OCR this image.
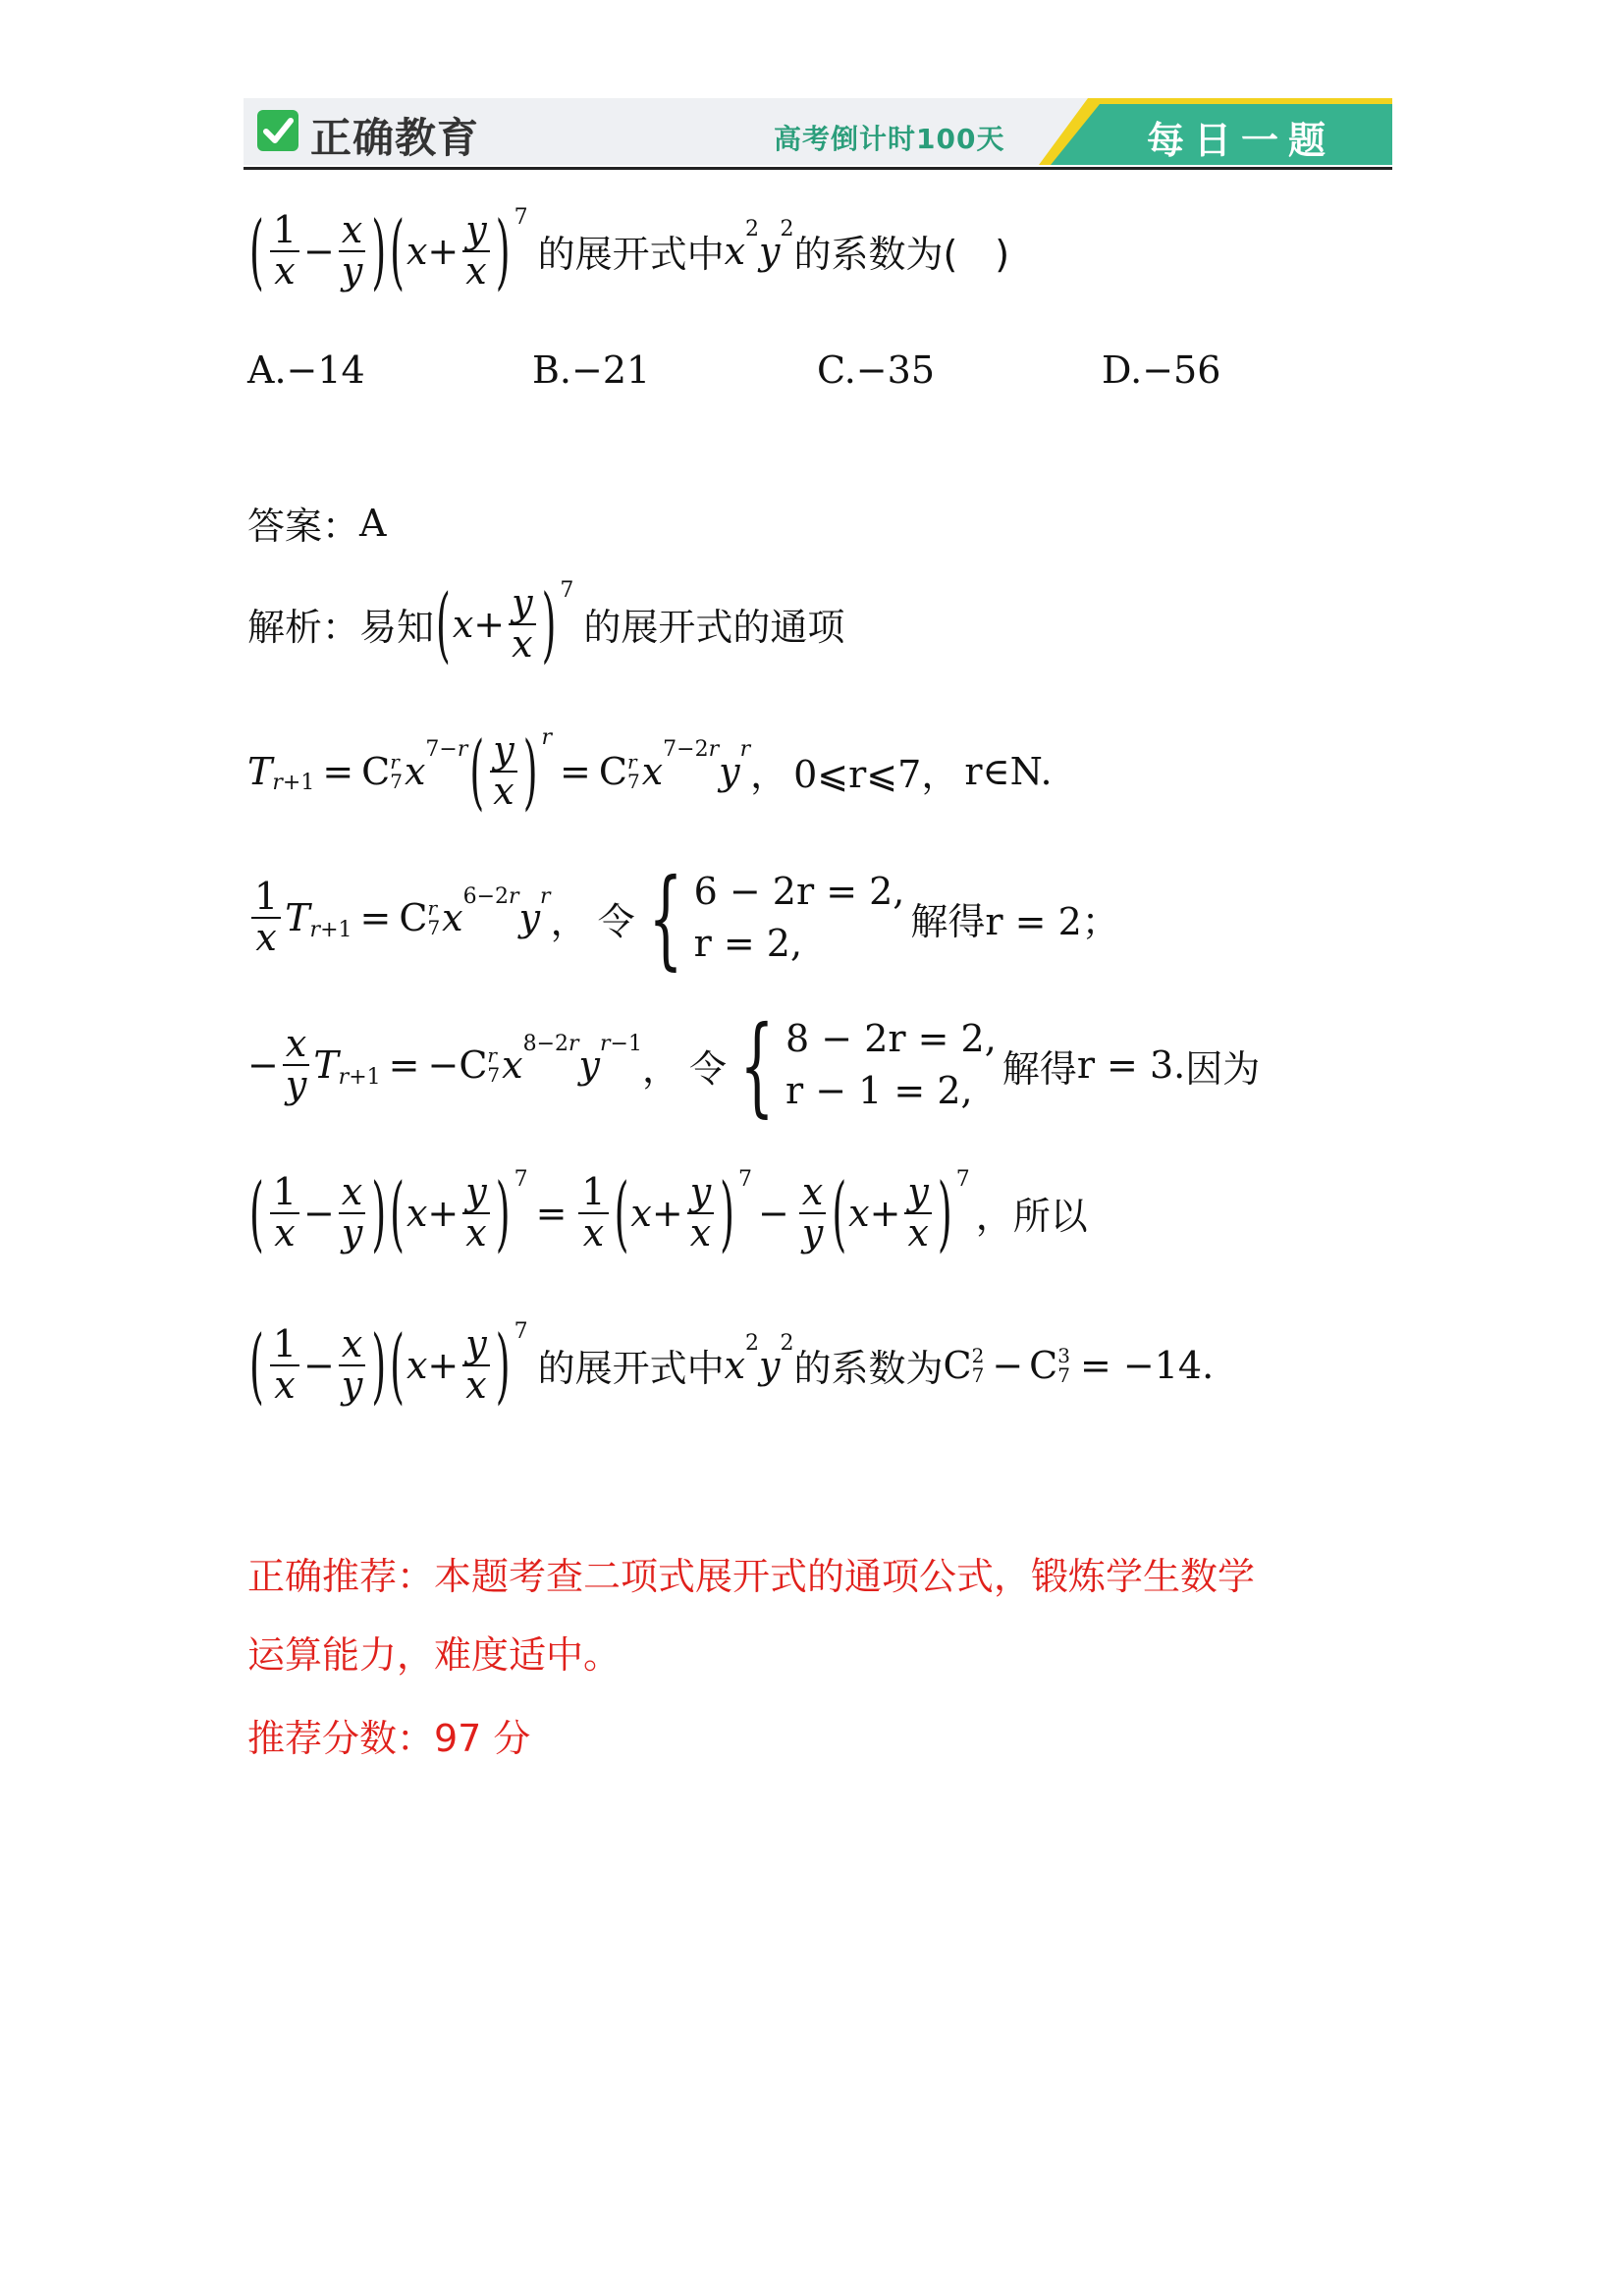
正确教育	高考倒计时100天	每日一题
( $\frac{1}{x} - \frac{x}{y}$ ) ( $x + \frac{y}{x}$ ) 7
的展开式中 x 2 y 2
的系数为(　)
A.−14	B.−21	C.−35	D.−56
答案： A
解析：易知 ( $x + \frac{y}{x}$ ) 7
的展开式的通项
T r +1 = C r
7 x 7−r ( $\frac{y}{x}$ ) r
= C r
7 x 7−2r y r
， 0⩽r⩽7， r∈N.
$\frac{1}{x}$ T r +1 = C r
7 x 6−2r y r
， 令 { 6 − 2r = 2,
r = 2,
解得 r = 2；
− $\frac{x}{y}$ T r +1 = −C r
7 x 8−2r y r−1
， 令 { 8 − 2r = 2,
r − 1 = 2,
解得 r = 3. 因为
( $\frac{1}{x} - \frac{x}{y}$ ) ( $x + \frac{y}{x}$ ) 7
= $\frac{1}{x}$ ( $x + \frac{y}{x}$ ) 7
− $\frac{x}{y}$ ( $x + \frac{y}{x}$ ) 7
，所以
( $\frac{1}{x} - \frac{x}{y}$ ) ( $x + \frac{y}{x}$ ) 7
的展开式中 x 2 y 2
的系数为 C 2
7 − C 3
7 = −14.
正确推荐：本题考查二项式展开式的通项公式，锻炼学生数学
运算能力，难度适中。
推荐分数：97 分
